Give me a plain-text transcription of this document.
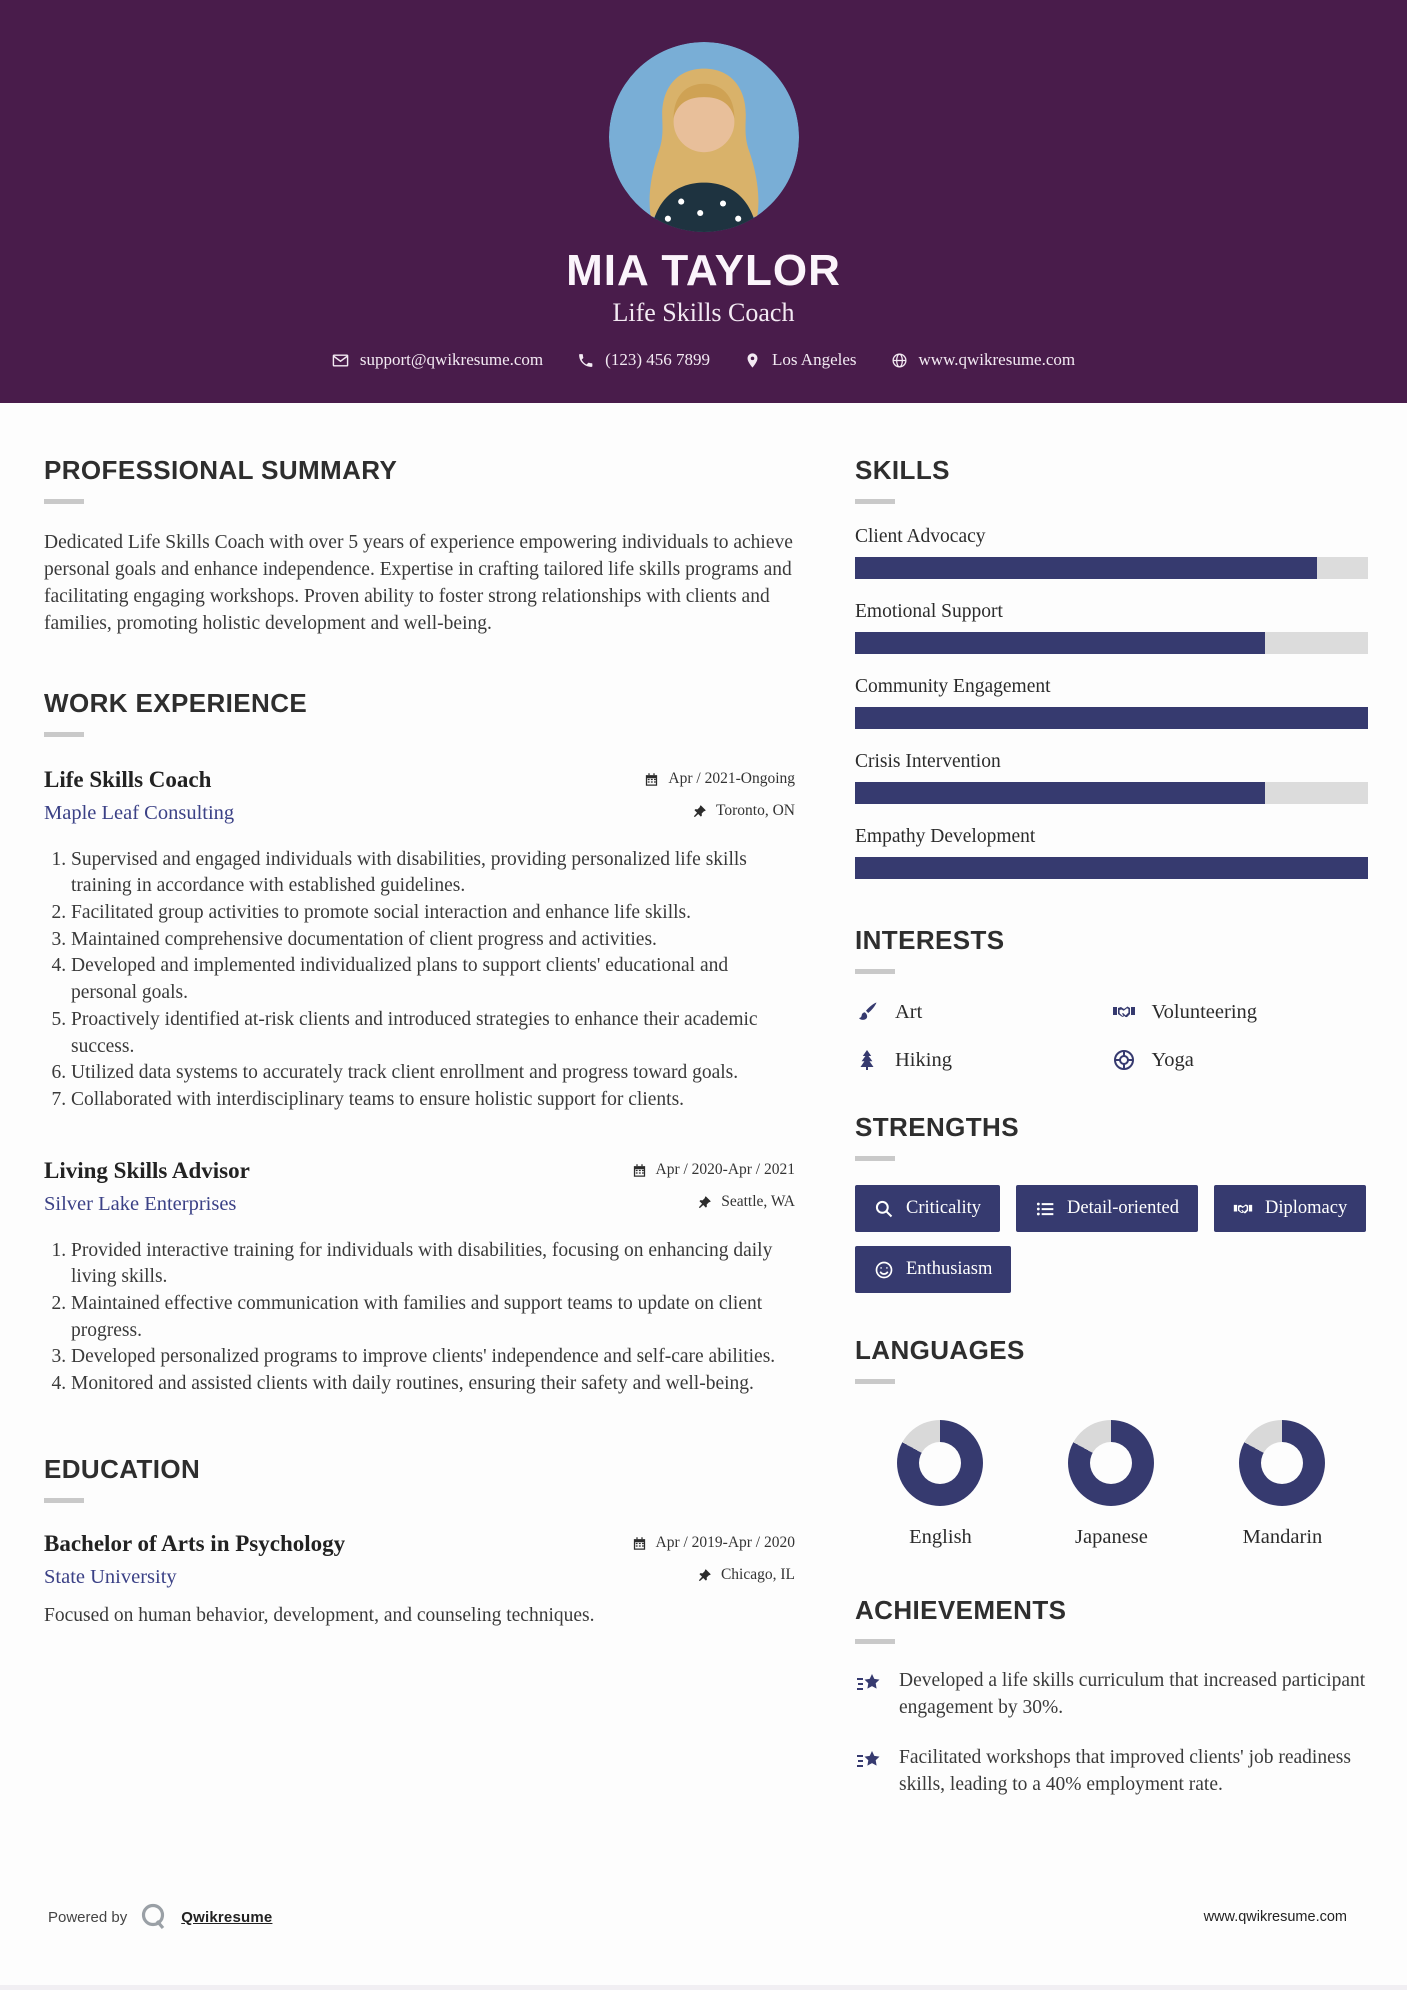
MIA TAYLOR
Life Skills Coach
support@qwikresume.com	(123) 456 7899	Los Angeles	www.qwikresume.com
PROFESSIONAL SUMMARY

Dedicated Life Skills Coach with over 5 years of experience empowering individuals to achieve personal goals and enhance independence. Expertise in crafting tailored life skills programs and facilitating engaging workshops. Proven ability to foster strong relationships with clients and families, promoting holistic development and well-being.

WORK EXPERIENCE
Life Skills Coach	Apr / 2021-Ongoing
Maple Leaf Consulting	Toronto, ON
1. Supervised and engaged individuals with disabilities, providing personalized life skills training in accordance with established guidelines.
2. Facilitated group activities to promote social interaction and enhance life skills.
3. Maintained comprehensive documentation of client progress and activities.
4. Developed and implemented individualized plans to support clients' educational and personal goals.
5. Proactively identified at-risk clients and introduced strategies to enhance their academic success.
6. Utilized data systems to accurately track client enrollment and progress toward goals.
7. Collaborated with interdisciplinary teams to ensure holistic support for clients.
Living Skills Advisor	Apr / 2020-Apr / 2021
Silver Lake Enterprises	Seattle, WA
1. Provided interactive training for individuals with disabilities, focusing on enhancing daily living skills.
2. Maintained effective communication with families and support teams to update on client progress.
3. Developed personalized programs to improve clients' independence and self-care abilities.
4. Monitored and assisted clients with daily routines, ensuring their safety and well-being.
EDUCATION
Bachelor of Arts in Psychology	Apr / 2019-Apr / 2020
State University	Chicago, IL

Focused on human behavior, development, and counseling techniques.

SKILLS
Client Advocacy
Emotional Support
Community Engagement
Crisis Intervention
Empathy Development
INTERESTS
Art	Volunteering
Hiking	Yoga
STRENGTHS
Criticality	Detail-oriented	Diplomacy
Enthusiasm
LANGUAGES
English	Japanese	Mandarin
ACHIEVEMENTS
Developed a life skills curriculum that increased participant engagement by 30%.
Facilitated workshops that improved clients' job readiness skills, leading to a 40% employment rate.
Powered by	Qwikresume	www.qwikresume.com
